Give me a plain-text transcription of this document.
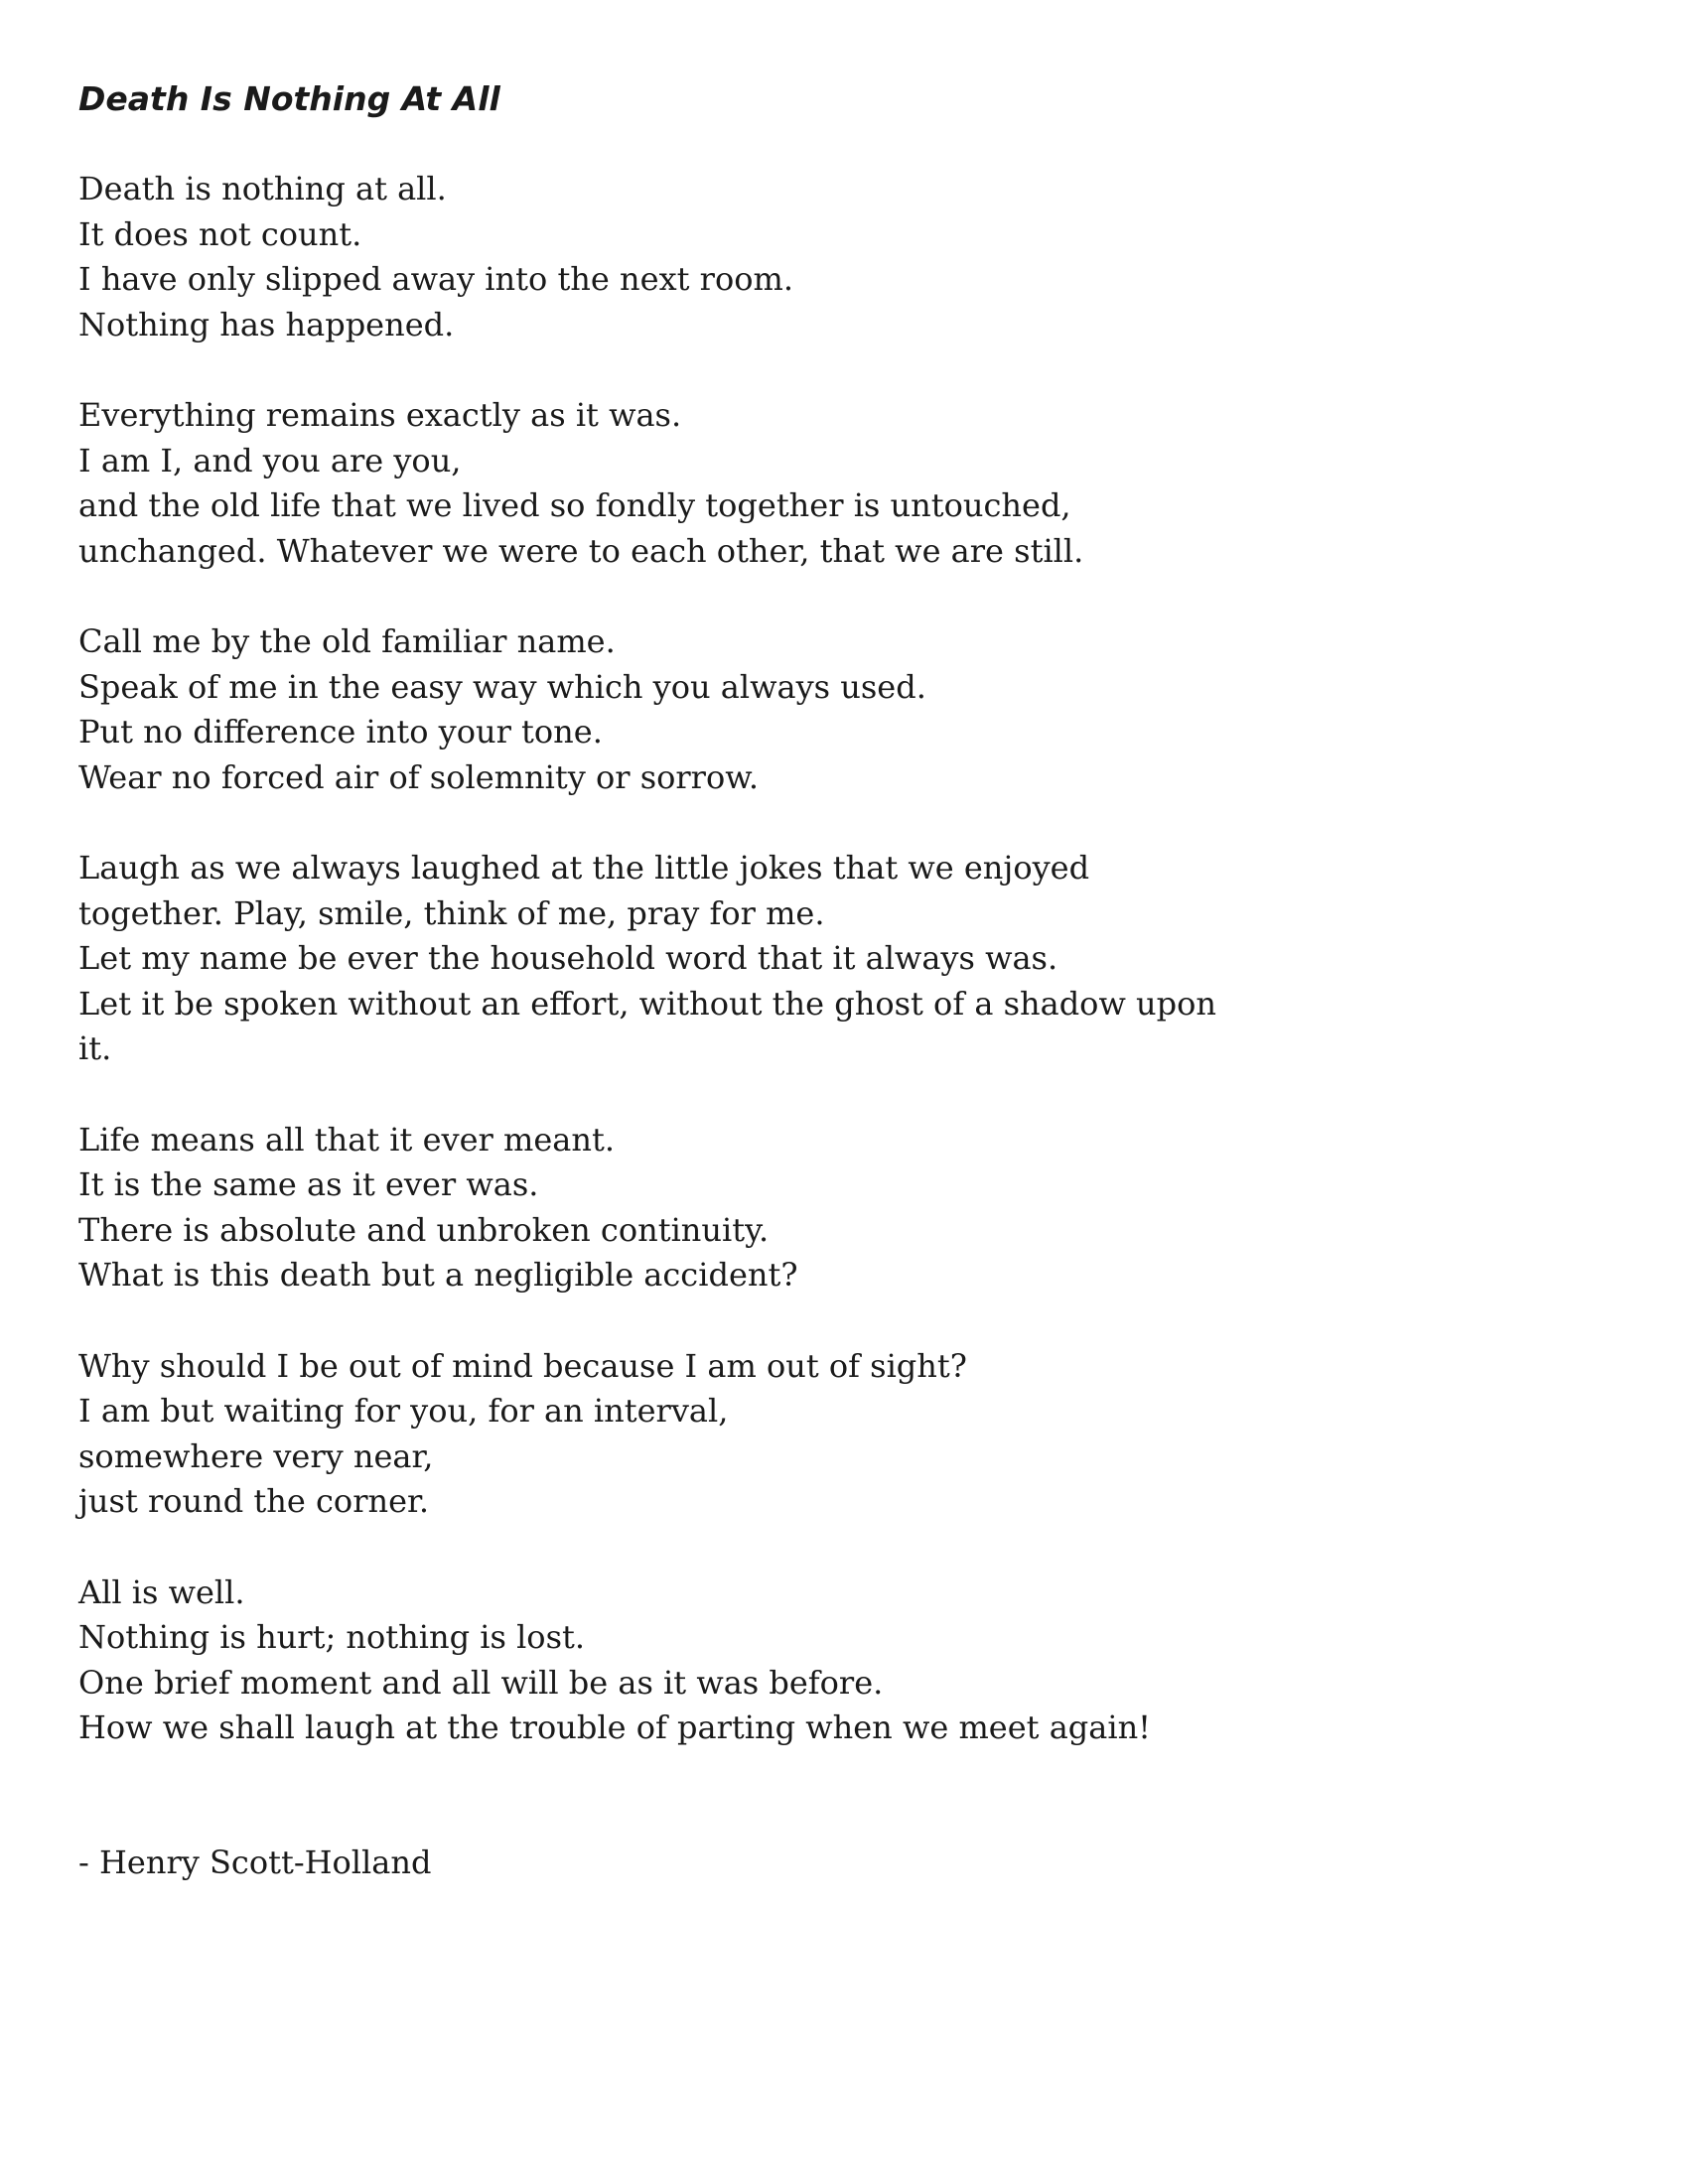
Death Is Nothing At All
Death is nothing at all.
It does not count.
I have only slipped away into the next room.
Nothing has happened.
Everything remains exactly as it was.
I am I, and you are you,
and the old life that we lived so fondly together is untouched,
unchanged. Whatever we were to each other, that we are still.
Call me by the old familiar name.
Speak of me in the easy way which you always used.
Put no difference into your tone.
Wear no forced air of solemnity or sorrow.
Laugh as we always laughed at the little jokes that we enjoyed
together. Play, smile, think of me, pray for me.
Let my name be ever the household word that it always was.
Let it be spoken without an effort, without the ghost of a shadow upon
it.
Life means all that it ever meant.
It is the same as it ever was.
There is absolute and unbroken continuity.
What is this death but a negligible accident?
Why should I be out of mind because I am out of sight?
I am but waiting for you, for an interval,
somewhere very near,
just round the corner.
All is well.
Nothing is hurt; nothing is lost.
One brief moment and all will be as it was before.
How we shall laugh at the trouble of parting when we meet again!
- Henry Scott-Holland
